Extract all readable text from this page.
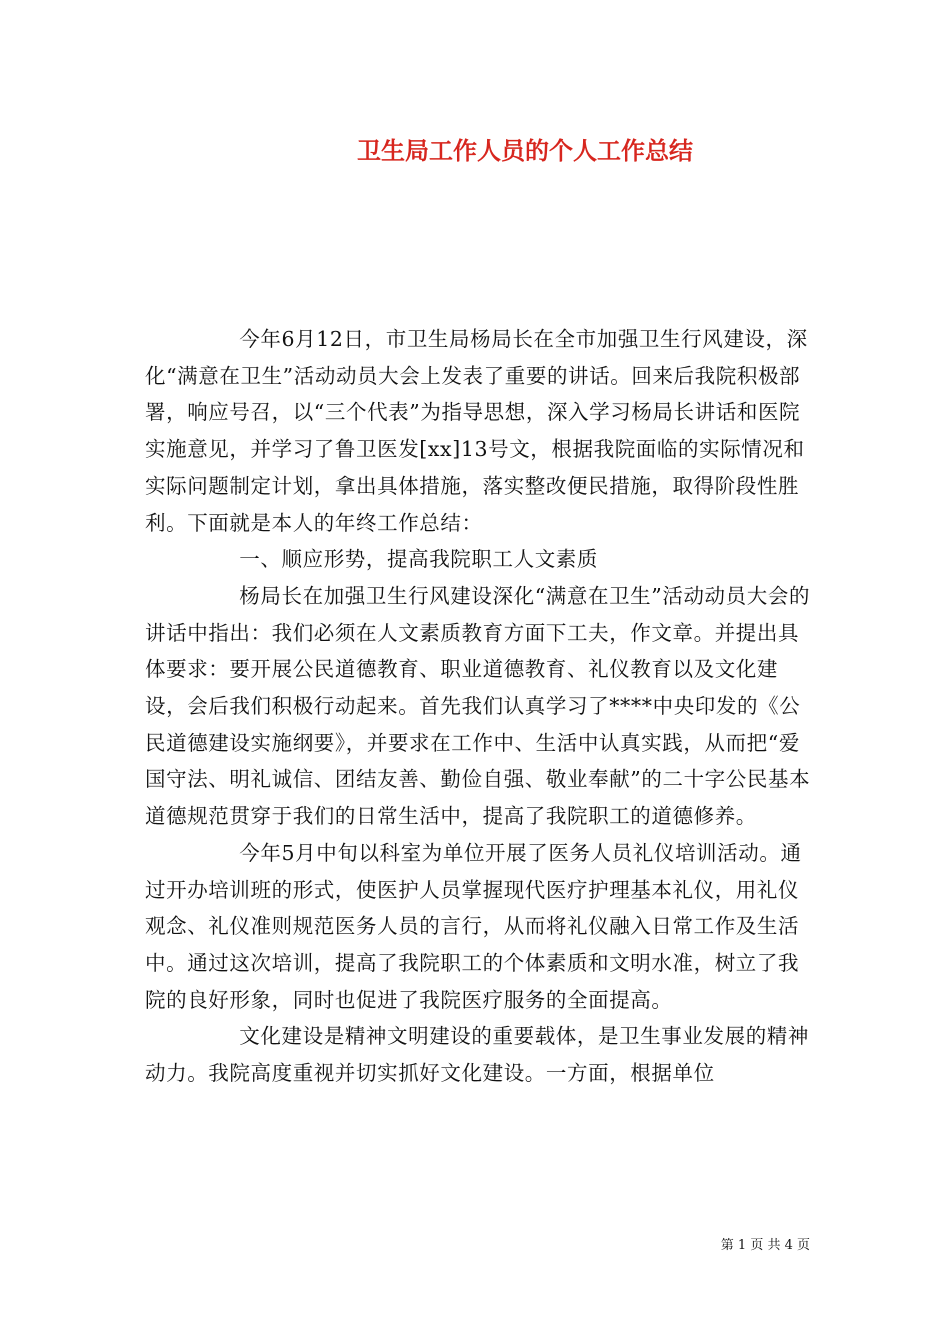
卫生局工作人员的个人工作总结

今年6月12日，市卫生局杨局长在全市加强卫生行风建设，深化“满意在卫生”活动动员大会上发表了重要的讲话。回来后我院积极部署，响应号召，以“三个代表”为指导思想，深入学习杨局长讲话和医院实施意见，并学习了鲁卫医发[xx]13号文，根据我院面临的实际情况和实际问题制定计划，拿出具体措施，落实整改便民措施，取得阶段性胜利。下面就是本人的年终工作总结：

一、顺应形势，提高我院职工人文素质

杨局长在加强卫生行风建设深化“满意在卫生”活动动员大会的讲话中指出：我们必须在人文素质教育方面下工夫，作文章。并提出具体要求：要开展公民道德教育、职业道德教育、礼仪教育以及文化建设，会后我们积极行动起来。首先我们认真学习了****中央印发的《公民道德建设实施纲要》，并要求在工作中、生活中认真实践，从而把“爱国守法、明礼诚信、团结友善、勤俭自强、敬业奉献”的二十字公民基本道德规范贯穿于我们的日常生活中，提高了我院职工的道德修养。

今年5月中旬以科室为单位开展了医务人员礼仪培训活动。通过开办培训班的形式，使医护人员掌握现代医疗护理基本礼仪，用礼仪观念、礼仪准则规范医务人员的言行，从而将礼仪融入日常工作及生活中。通过这次培训，提高了我院职工的个体素质和文明水准，树立了我院的良好形象，同时也促进了我院医疗服务的全面提高。

文化建设是精神文明建设的重要载体，是卫生事业发展的精神动力。我院高度重视并切实抓好文化建设。一方面，根据单位

第 1 页 共 4 页
